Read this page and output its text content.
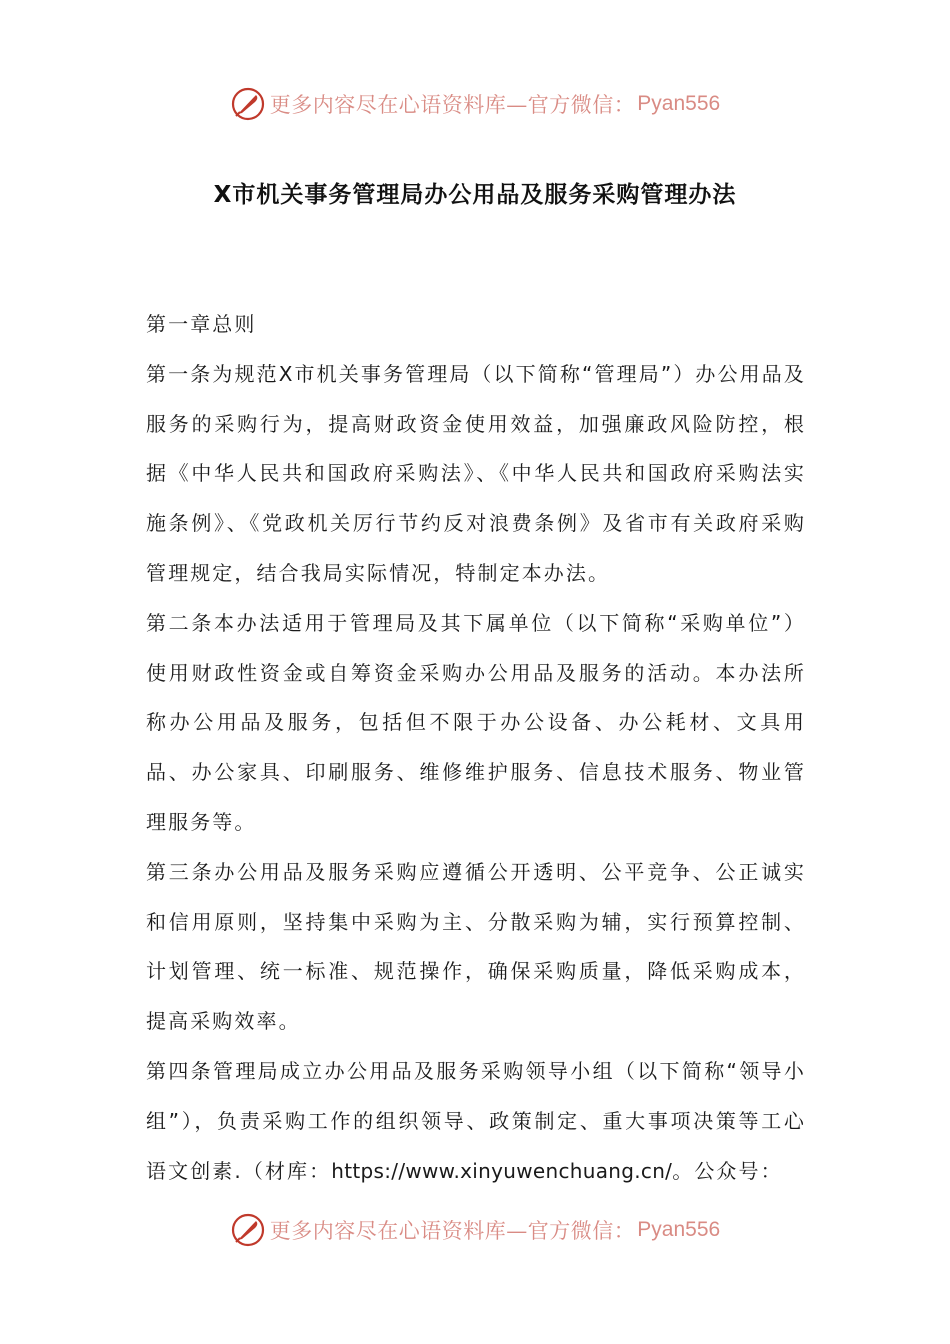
更多内容尽在心语资料库—官方微信： Pyan556
X市机关事务管理局办公用品及服务采购管理办法

第一章总则

第一条为规范X市机关事务管理局（以下简称“管理局”）办公用品及服务的采购行为，提高财政资金使用效益，加强廉政风险防控，根据《中华人民共和国政府采购法》、《中华人民共和国政府采购法实施条例》、《党政机关厉行节约反对浪费条例》及省市有关政府采购管理规定，结合我局实际情况，特制定本办法。

第二条本办法适用于管理局及其下属单位（以下简称“采购单位”）使用财政性资金或自筹资金采购办公用品及服务的活动。本办法所称办公用品及服务，包括但不限于办公设备、办公耗材、文具用品、办公家具、印刷服务、维修维护服务、信息技术服务、物业管理服务等。

第三条办公用品及服务采购应遵循公开透明、公平竞争、公正诚实和信用原则，坚持集中采购为主、分散采购为辅，实行预算控制、计划管理、统一标准、规范操作，确保采购质量，降低采购成本，提高采购效率。

第四条管理局成立办公用品及服务采购领导小组（以下简称“领导小组”），负责采购工作的组织领导、政策制定、重大事项决策等工心语文创素.（材库：https://www.xinyuwenchuang.cn/。公众号：

更多内容尽在心语资料库—官方微信： Pyan556
